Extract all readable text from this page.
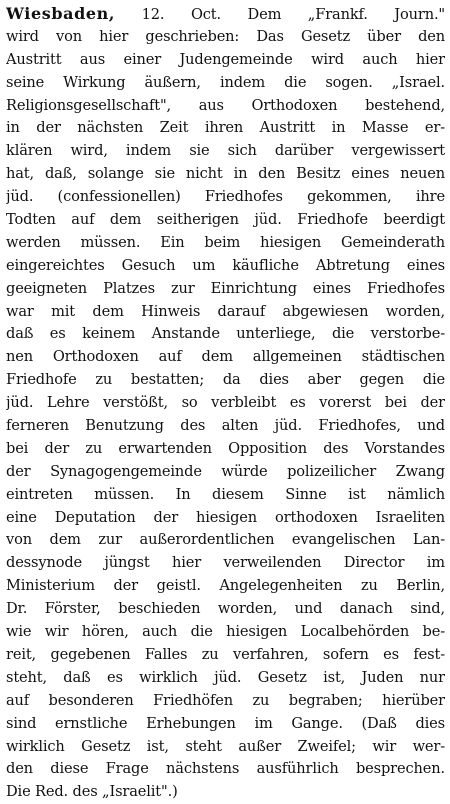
Wiesbaden, 12. Oct. Dem „Frankf. Journ."
wird von hier geschrieben: Das Gesetz über den
Austritt aus einer Judengemeinde wird auch hier
seine Wirkung äußern, indem die sogen. „Israel.
Religionsgesellschaft", aus Orthodoxen bestehend,
in der nächsten Zeit ihren Austritt in Masse er-
klären wird, indem sie sich darüber vergewissert
hat, daß, solange sie nicht in den Besitz eines neuen
jüd. (confessionellen) Friedhofes gekommen, ihre
Todten auf dem seitherigen jüd. Friedhofe beerdigt
werden müssen. Ein beim hiesigen Gemeinderath
eingereichtes Gesuch um käufliche Abtretung eines
geeigneten Platzes zur Einrichtung eines Friedhofes
war mit dem Hinweis darauf abgewiesen worden,
daß es keinem Anstande unterliege, die verstorbe-
nen Orthodoxen auf dem allgemeinen städtischen
Friedhofe zu bestatten; da dies aber gegen die
jüd. Lehre verstößt, so verbleibt es vorerst bei der
ferneren Benutzung des alten jüd. Friedhofes, und
bei der zu erwartenden Opposition des Vorstandes
der Synagogengemeinde würde polizeilicher Zwang
eintreten müssen. In diesem Sinne ist nämlich
eine Deputation der hiesigen orthodoxen Israeliten
von dem zur außerordentlichen evangelischen Lan-
dessynode jüngst hier verweilenden Director im
Ministerium der geistl. Angelegenheiten zu Berlin,
Dr. Förster, beschieden worden, und danach sind,
wie wir hören, auch die hiesigen Localbehörden be-
reit, gegebenen Falles zu verfahren, sofern es fest-
steht, daß es wirklich jüd. Gesetz ist, Juden nur
auf besonderen Friedhöfen zu begraben; hierüber
sind ernstliche Erhebungen im Gange. (Daß dies
wirklich Gesetz ist, steht außer Zweifel; wir wer-
den diese Frage nächstens ausführlich besprechen.
Die Red. des „Israelit".)
